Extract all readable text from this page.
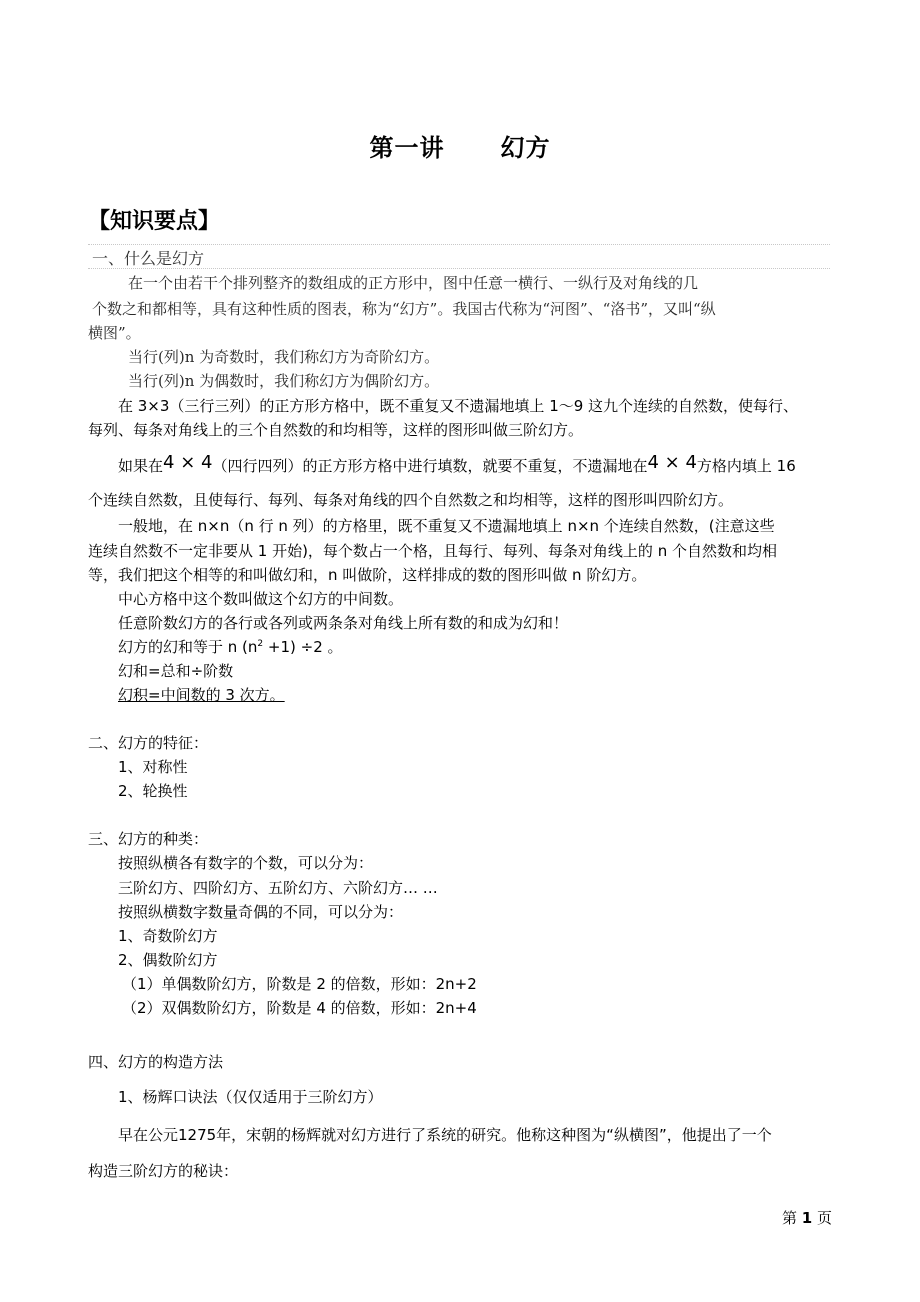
第一讲 幻方
【知识要点】
一、什么是幻方
在一个由若干个排列整齐的数组成的正方形中，图中任意一横行、一纵行及对角线的几
个数之和都相等，具有这种性质的图表，称为“幻方”。我国古代称为“河图”、“洛书”，又叫“纵
横图”。
当行(列)n 为奇数时，我们称幻方为奇阶幻方。
当行(列)n 为偶数时，我们称幻方为偶阶幻方。
在 3×3（三行三列）的正方形方格中，既不重复又不遗漏地填上 1～9 这九个连续的自然数，使每行、
每列、每条对角线上的三个自然数的和均相等，这样的图形叫做三阶幻方。
如果在4 × 4（四行四列）的正方形方格中进行填数，就要不重复，不遗漏地在4 × 4方格内填上 16
个连续自然数，且使每行、每列、每条对角线的四个自然数之和均相等，这样的图形叫四阶幻方。
一般地，在 n×n（n 行 n 列）的方格里，既不重复又不遗漏地填上 n×n 个连续自然数，(注意这些
连续自然数不一定非要从 1 开始)，每个数占一个格，且每行、每列、每条对角线上的 n 个自然数和均相
等，我们把这个相等的和叫做幻和，n 叫做阶，这样排成的数的图形叫做 n 阶幻方。
中心方格中这个数叫做这个幻方的中间数。
任意阶数幻方的各行或各列或两条条对角线上所有数的和成为幻和！
幻方的幻和等于 n $(n^2 +1) \div 2$ 。
幻和=总和÷阶数
幻积=中间数的 3 次方。
二、幻方的特征：
1、对称性
2、轮换性
三、幻方的种类：
按照纵横各有数字的个数，可以分为：
三阶幻方、四阶幻方、五阶幻方、六阶幻方… …
按照纵横数字数量奇偶的不同，可以分为：
1、奇数阶幻方
2、偶数阶幻方
（1）单偶数阶幻方，阶数是 2 的倍数，形如：2n+2
（2）双偶数阶幻方，阶数是 4 的倍数，形如：2n+4
四、幻方的构造方法
1、杨辉口诀法（仅仅适用于三阶幻方）
早在公元1275年，宋朝的杨辉就对幻方进行了系统的研究。他称这种图为“纵横图”，他提出了一个
构造三阶幻方的秘诀：
第 1 页
